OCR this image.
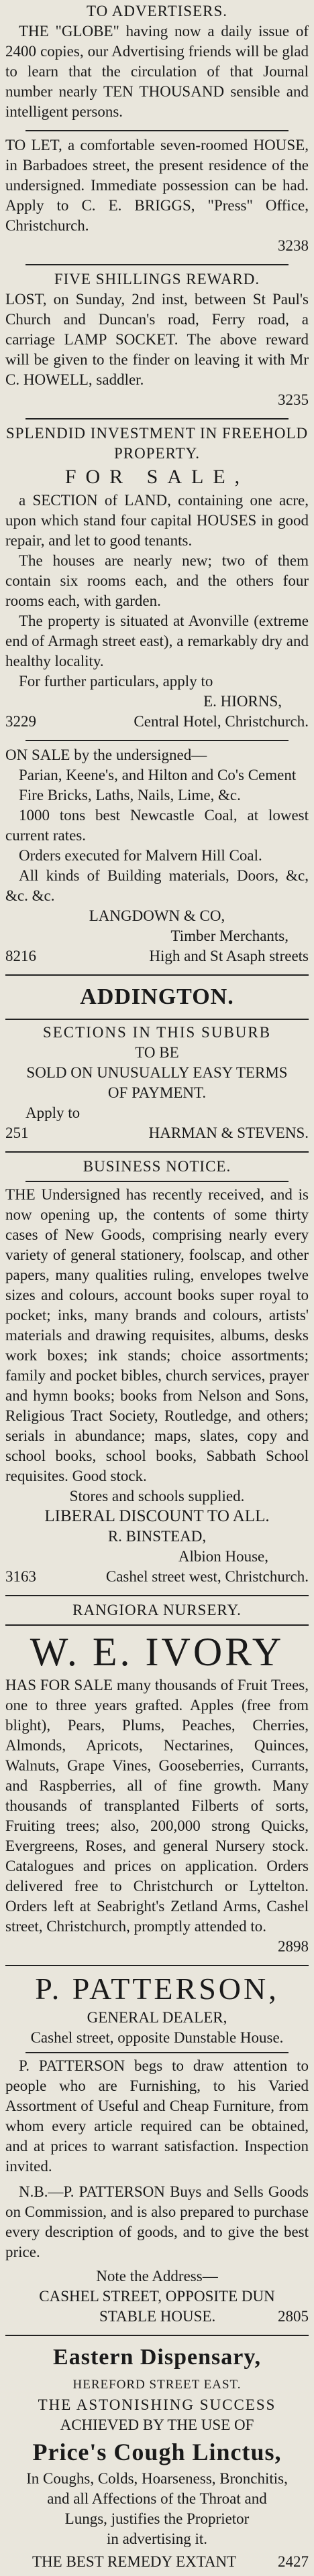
TO ADVERTISERS.

THE "GLOBE" having now a daily issue of 2400 copies, our Advertising friends will be glad to learn that the circulation of that Journal number nearly TEN THOUSAND sensible and intelligent persons.

TO LET, a comfortable seven-roomed HOUSE, in Barbadoes street, the present residence of the undersigned. Immediate possession can be had. Apply to C. E. BRIGGS, "Press" Office, Christchurch.

3238
FIVE SHILLINGS REWARD.

LOST, on Sunday, 2nd inst, between St Paul's Church and Duncan's road, Ferry road, a carriage LAMP SOCKET. The above reward will be given to the finder on leaving it with Mr C. HOWELL, saddler.

3235
SPLENDID INVESTMENT IN FREEHOLD PROPERTY.
FOR SALE,

a SECTION of LAND, containing one acre, upon which stand four capital HOUSES in good repair, and let to good tenants.

The houses are nearly new; two of them contain six rooms each, and the others four rooms each, with garden.

The property is situated at Avonville (extreme end of Armagh street east), a remarkably dry and healthy locality.

For further particulars, apply to

E. HIORNS,
3229	Central Hotel, Christchurch.

ON SALE by the undersigned—

Parian, Keene's, and Hilton and Co's Cement

Fire Bricks, Laths, Nails, Lime, &c.

1000 tons best Newcastle Coal, at lowest current rates.

Orders executed for Malvern Hill Coal.

All kinds of Building materials, Doors, &c, &c. &c.

LANGDOWN & CO,
Timber Merchants,
8216	High and St Asaph streets
ADDINGTON.
SECTIONS IN THIS SUBURB
TO BE
SOLD ON UNUSUALLY EASY TERMS
OF PAYMENT.
Apply to
251	HARMAN & STEVENS.
BUSINESS NOTICE.

THE Undersigned has recently received, and is now opening up, the contents of some thirty cases of New Goods, comprising nearly every variety of general stationery, foolscap, and other papers, many qualities ruling, envelopes twelve sizes and colours, account books super royal to pocket; inks, many brands and colours, artists' materials and drawing requisites, albums, desks work boxes; ink stands; choice assortments; family and pocket bibles, church services, prayer and hymn books; books from Nelson and Sons, Religious Tract Society, Routledge, and others; serials in abundance; maps, slates, copy and school books, school books, Sabbath School requisites. Good stock.

Stores and schools supplied.
LIBERAL DISCOUNT TO ALL.
R. BINSTEAD,
Albion House,
3163	Cashel street west, Christchurch.
RANGIORA NURSERY.
W. E. IVORY

HAS FOR SALE many thousands of Fruit Trees, one to three years grafted. Apples (free from blight), Pears, Plums, Peaches, Cherries, Almonds, Apricots, Nectarines, Quinces, Walnuts, Grape Vines, Gooseberries, Currants, and Raspberries, all of fine growth. Many thousands of transplanted Filberts of sorts, Fruiting trees; also, 200,000 strong Quicks, Evergreens, Roses, and general Nursery stock. Catalogues and prices on application. Orders delivered free to Christchurch or Lyttelton. Orders left at Seabright's Zetland Arms, Cashel street, Christchurch, promptly attended to.

2898
P. PATTERSON,
GENERAL DEALER,
Cashel street, opposite Dunstable House.

P. PATTERSON begs to draw attention to people who are Furnishing, to his Varied Assortment of Useful and Cheap Furniture, from whom every article required can be obtained, and at prices to warrant satisfaction. Inspection invited.

N.B.—P. PATTERSON Buys and Sells Goods on Commission, and is also prepared to purchase every description of goods, and to give the best price.

Note the Address—
CASHEL STREET, OPPOSITE DUN
STABLE HOUSE.	2805
Eastern Dispensary,
HEREFORD STREET EAST.
THE ASTONISHING SUCCESS
ACHIEVED BY THE USE OF
Price's Cough Linctus,
In Coughs, Colds, Hoarseness, Bronchitis,
and all Affections of the Throat and
Lungs, justifies the Proprietor
in advertising it.
THE BEST REMEDY EXTANT	2427
